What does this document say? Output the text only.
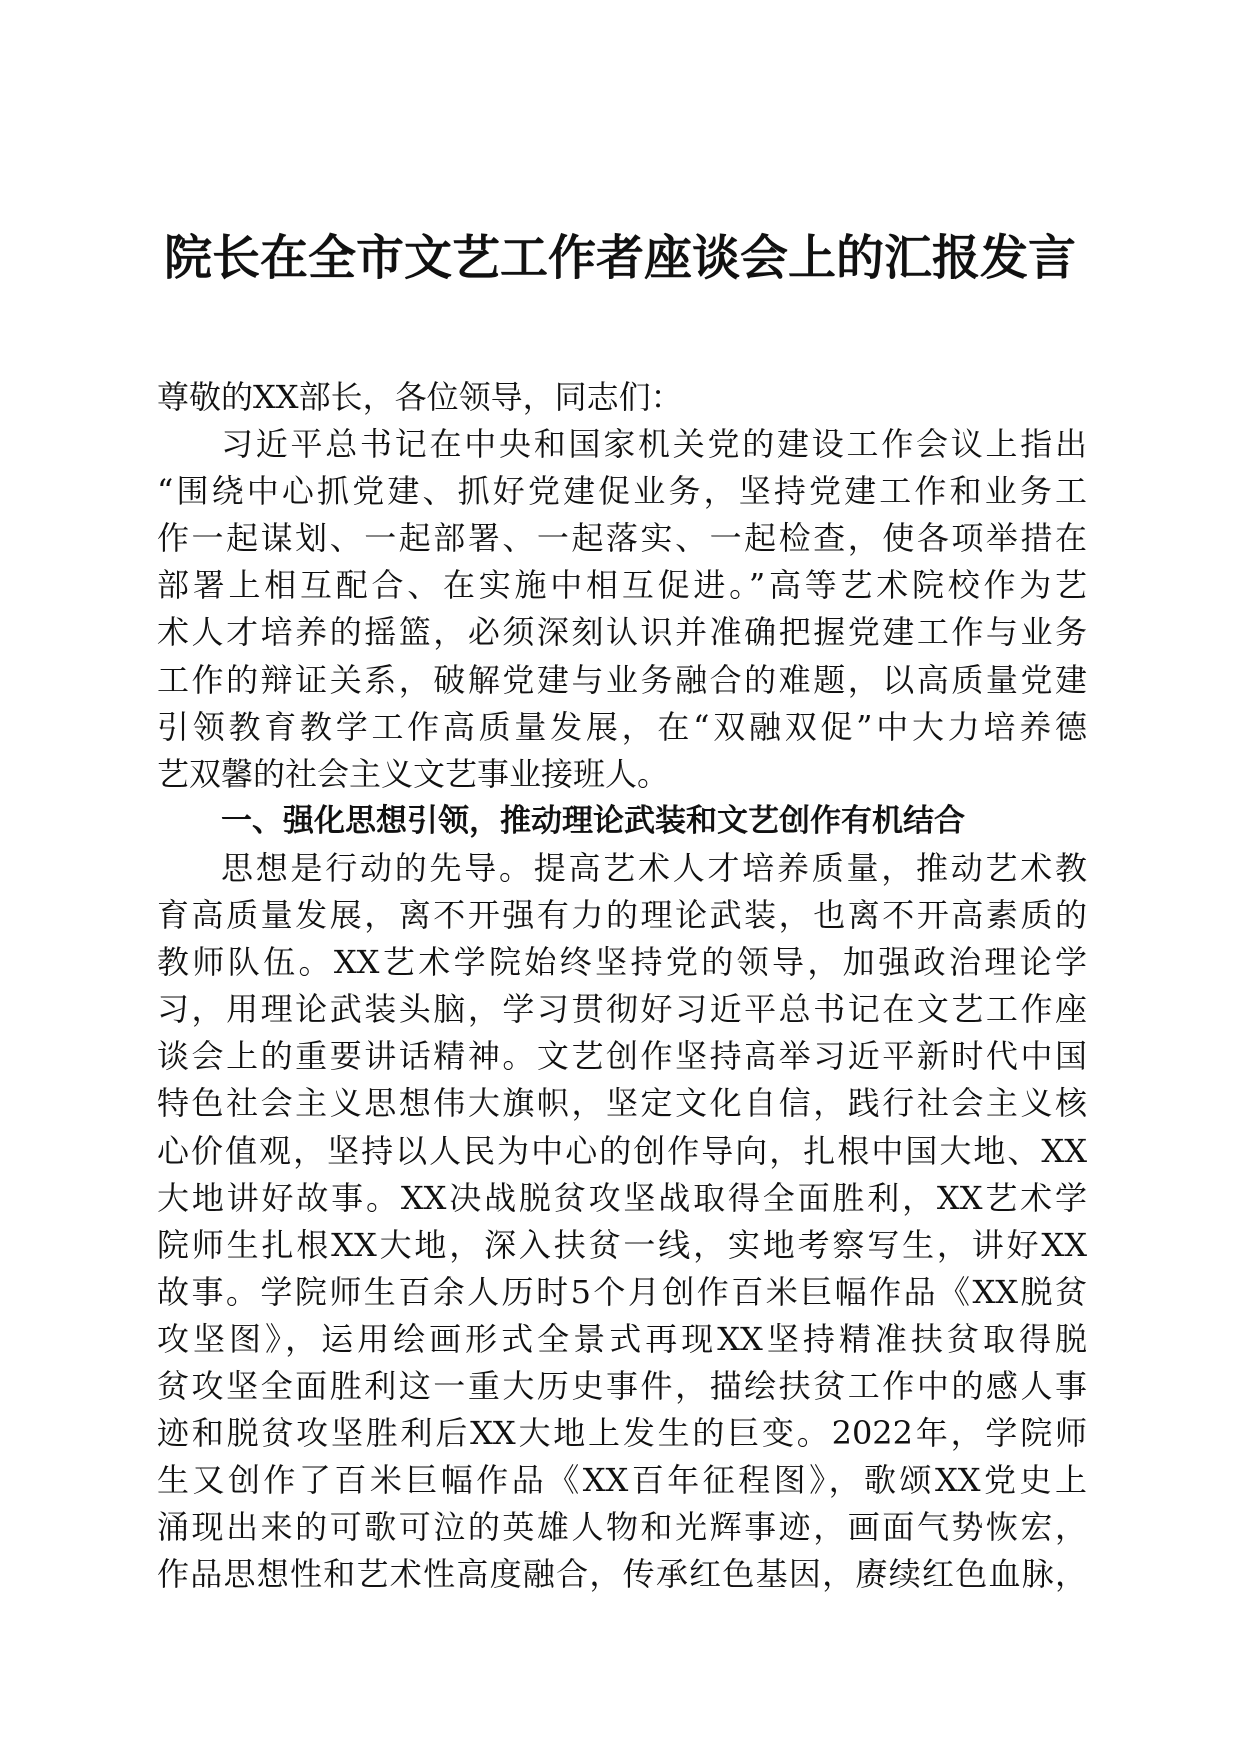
院长在全市文艺工作者座谈会上的汇报发言
尊敬的XX部长，各位领导，同志们：
习近平总书记在中央和国家机关党的建设工作会议上指出
“围绕中心抓党建、抓好党建促业务，坚持党建工作和业务工
作一起谋划、一起部署、一起落实、一起检查，使各项举措在
部署上相互配合、在实施中相互促进。”高等艺术院校作为艺
术人才培养的摇篮，必须深刻认识并准确把握党建工作与业务
工作的辩证关系，破解党建与业务融合的难题，以高质量党建
引领教育教学工作高质量发展，在“双融双促”中大力培养德
艺双馨的社会主义文艺事业接班人。
一、强化思想引领，推动理论武装和文艺创作有机结合
思想是行动的先导。提高艺术人才培养质量，推动艺术教
育高质量发展，离不开强有力的理论武装，也离不开高素质的
教师队伍。XX艺术学院始终坚持党的领导，加强政治理论学
习，用理论武装头脑，学习贯彻好习近平总书记在文艺工作座
谈会上的重要讲话精神。文艺创作坚持高举习近平新时代中国
特色社会主义思想伟大旗帜，坚定文化自信，践行社会主义核
心价值观，坚持以人民为中心的创作导向，扎根中国大地、XX
大地讲好故事。XX决战脱贫攻坚战取得全面胜利，XX艺术学
院师生扎根XX大地，深入扶贫一线，实地考察写生，讲好XX
故事。学院师生百余人历时5个月创作百米巨幅作品《XX脱贫
攻坚图》，运用绘画形式全景式再现XX坚持精准扶贫取得脱
贫攻坚全面胜利这一重大历史事件，描绘扶贫工作中的感人事
迹和脱贫攻坚胜利后XX大地上发生的巨变。2022年，学院师
生又创作了百米巨幅作品《XX百年征程图》，歌颂XX党史上
涌现出来的可歌可泣的英雄人物和光辉事迹，画面气势恢宏，
作品思想性和艺术性高度融合，传承红色基因，赓续红色血脉，
